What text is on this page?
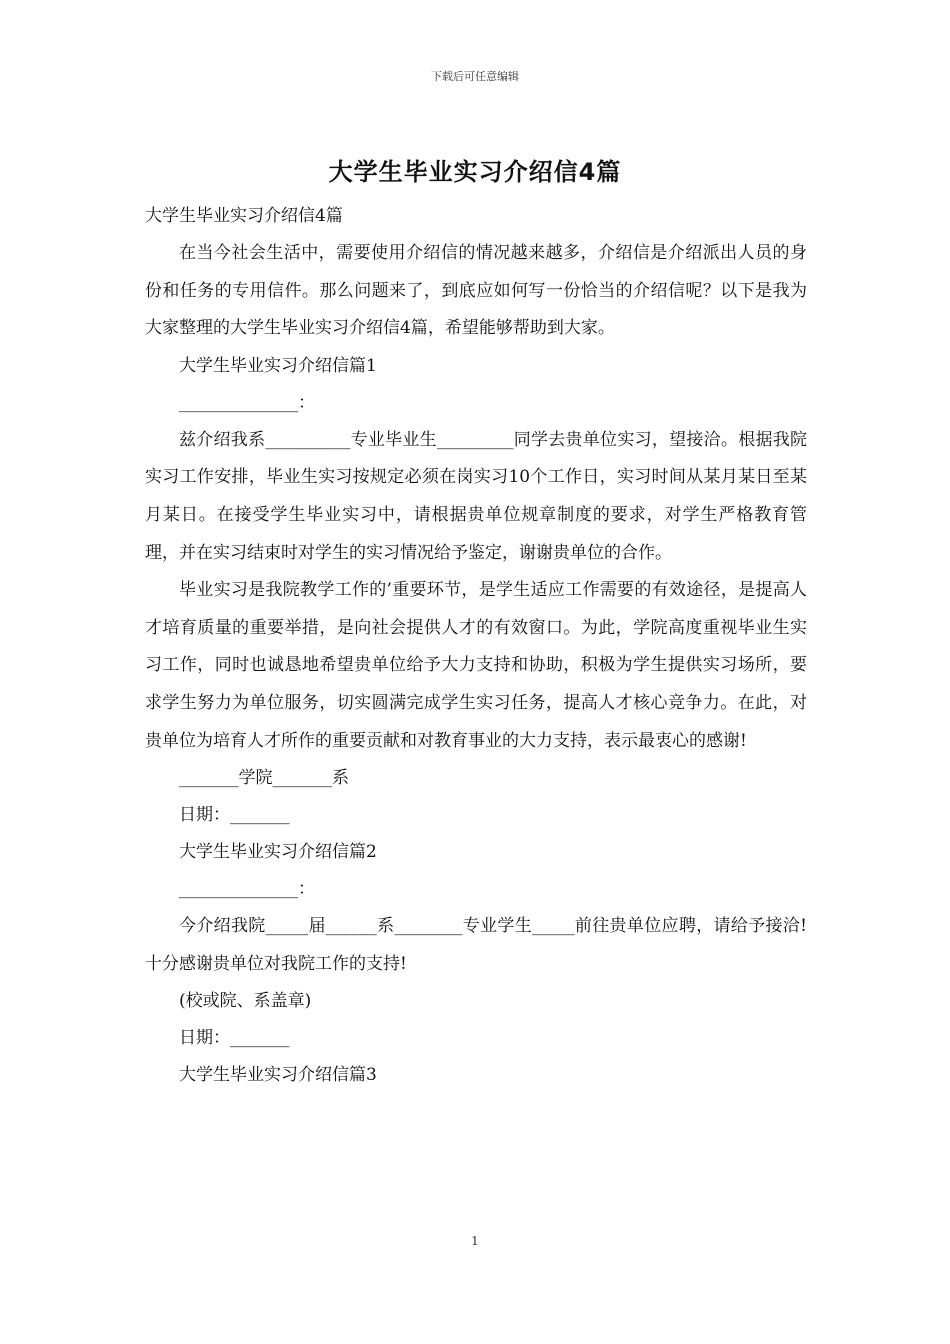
下载后可任意编辑
大学生毕业实习介绍信4篇

大学生毕业实习介绍信4篇

在当今社会生活中，需要使用介绍信的情况越来越多，介绍信是介绍派出人员的身份和任务的专用信件。那么问题来了，到底应如何写一份恰当的介绍信呢？以下是我为大家整理的大学生毕业实习介绍信4篇，希望能够帮助到大家。

大学生毕业实习介绍信篇1

______________：

兹介绍我系__________专业毕业生_________同学去贵单位实习，望接洽。根据我院实习工作安排，毕业生实习按规定必须在岗实习10个工作日，实习时间从某月某日至某月某日。在接受学生毕业实习中，请根据贵单位规章制度的要求，对学生严格教育管理，并在实习结束时对学生的实习情况给予鉴定，谢谢贵单位的合作。

毕业实习是我院教学工作的’重要环节，是学生适应工作需要的有效途径，是提高人才培育质量的重要举措，是向社会提供人才的有效窗口。为此，学院高度重视毕业生实习工作，同时也诚恳地希望贵单位给予大力支持和协助，积极为学生提供实习场所，要求学生努力为单位服务，切实圆满完成学生实习任务，提高人才核心竞争力。在此，对贵单位为培育人才所作的重要贡献和对教育事业的大力支持，表示最衷心的感谢!

_______学院_______系

日期：_______

大学生毕业实习介绍信篇2

______________：

今介绍我院_____届______系________专业学生_____前往贵单位应聘，请给予接洽!十分感谢贵单位对我院工作的支持!

(校或院、系盖章)

日期：_______

大学生毕业实习介绍信篇3

1
